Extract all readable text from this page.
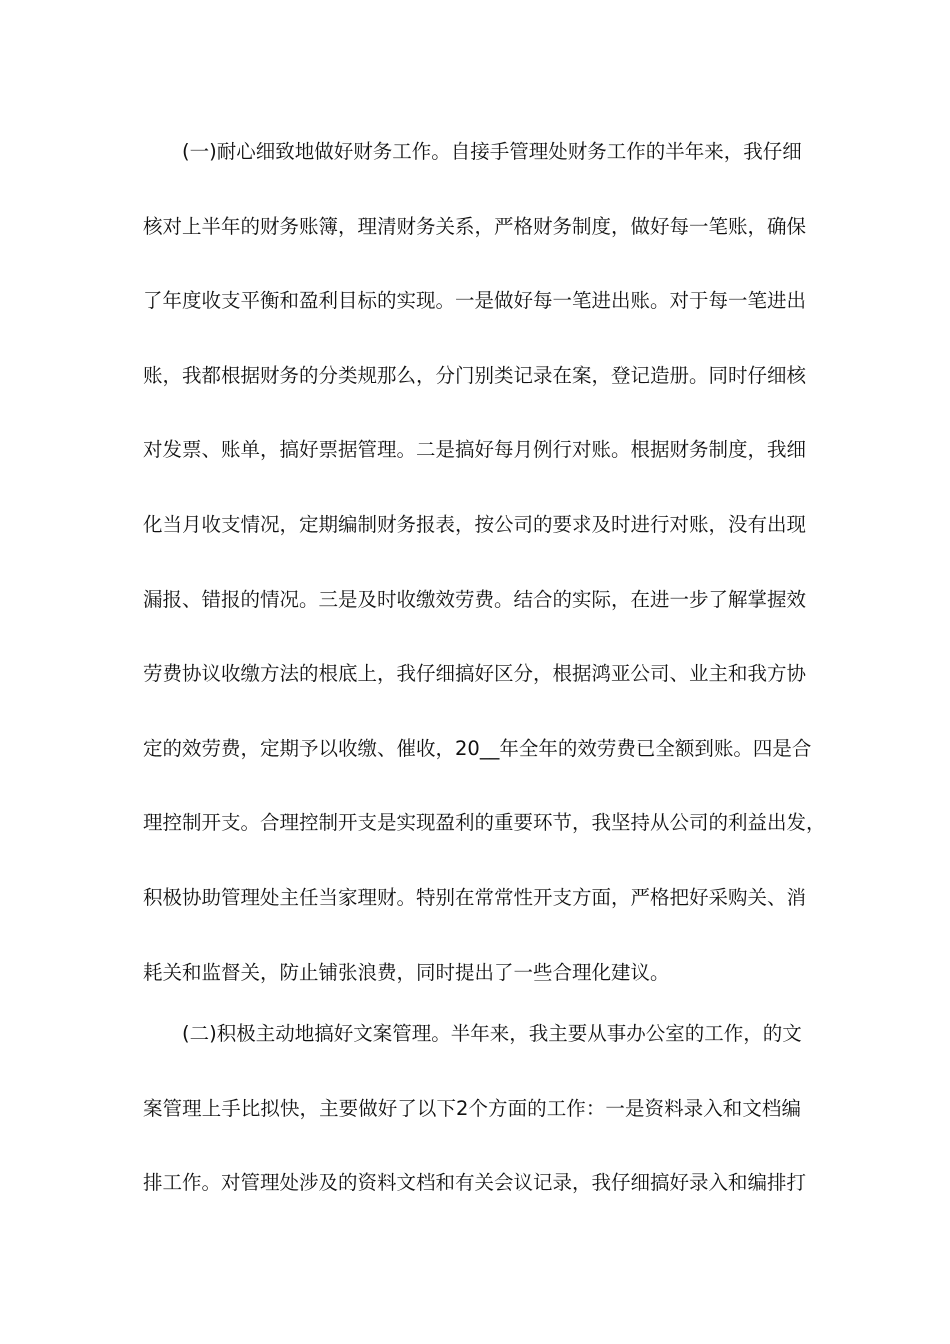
(一)耐心细致地做好财务工作。自接手管理处财务工作的半年来，我仔细
核对上半年的财务账簿，理清财务关系，严格财务制度，做好每一笔账，确保
了年度收支平衡和盈利目标的实现。一是做好每一笔进出账。对于每一笔进出
账，我都根据财务的分类规那么，分门别类记录在案，登记造册。同时仔细核
对发票、账单，搞好票据管理。二是搞好每月例行对账。根据财务制度，我细
化当月收支情况，定期编制财务报表，按公司的要求及时进行对账，没有出现
漏报、错报的情况。三是及时收缴效劳费。结合的实际，在进一步了解掌握效
劳费协议收缴方法的根底上，我仔细搞好区分，根据鸿亚公司、业主和我方协
定的效劳费，定期予以收缴、催收，20__年全年的效劳费已全额到账。四是合
理控制开支。合理控制开支是实现盈利的重要环节，我坚持从公司的利益出发，
积极协助管理处主任当家理财。特别在常常性开支方面，严格把好采购关、消
耗关和监督关，防止铺张浪费，同时提出了一些合理化建议。
(二)积极主动地搞好文案管理。半年来，我主要从事办公室的工作，的文
案管理上手比拟快，主要做好了以下2个方面的工作：一是资料录入和文档编
排工作。对管理处涉及的资料文档和有关会议记录，我仔细搞好录入和编排打
